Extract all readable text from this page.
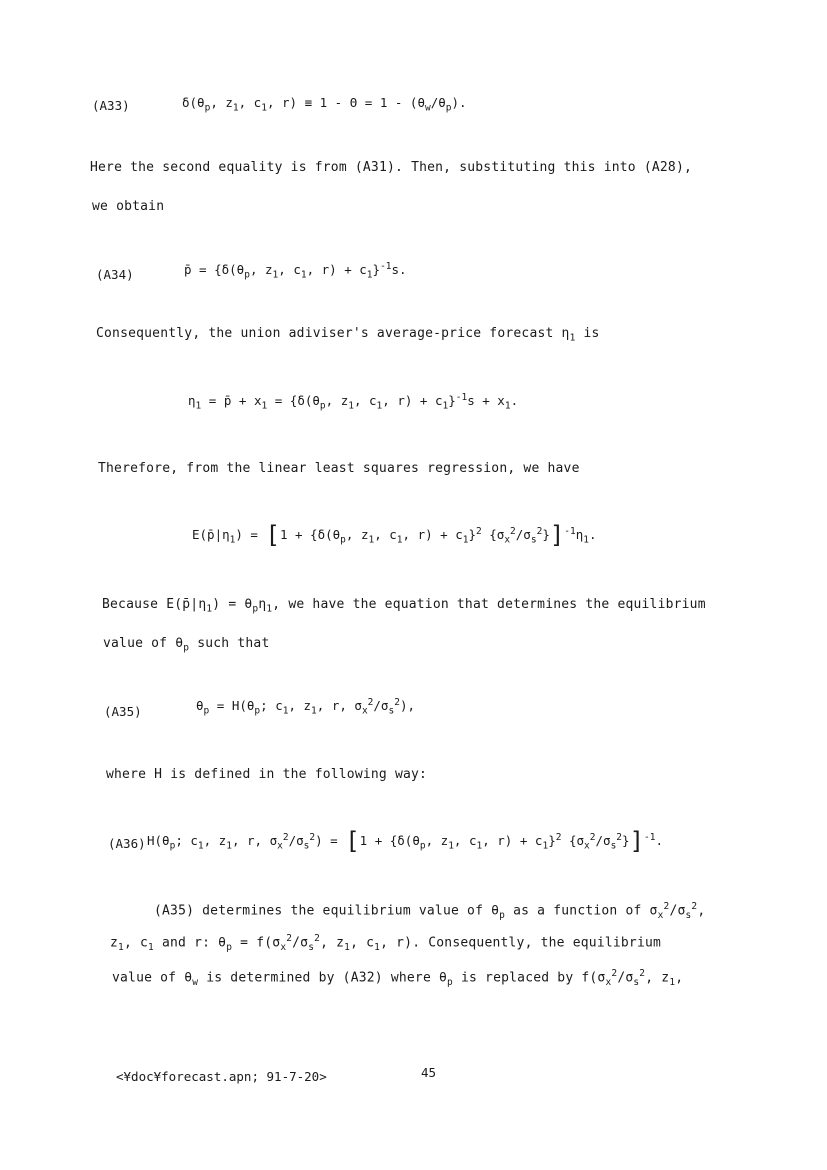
(A33)	$\delta(\theta_p$, $z_1$, $c_1$, $r) \equiv 1 - \Theta = 1 - (\theta_w/\theta_p)$.
Here the second equality is from (A31). Then, substituting this into (A28),
we obtain
(A34)	p̄ = {$\delta(\theta_p$, $z_1$, $c_1$, $r) + c_1\}^{-1}s$.
Consequently, the union adiviser's average-price forecast $\eta_1$ is
$\eta_1$ = p̄ + $x_1 = \{\delta(\theta_p$, $z_1$, $c_1$, $r) + c_1\}^{-1}s + x_1$.
Therefore, from the linear least squares regression, we have
$E(p̄|\eta_1) = [1 + \{\delta(\theta_p$, $z_1$, $c_1$, $r) + c_1\}^2$ $\{\sigma_x^2/\sigma_s^2\}]^{-1}\eta_1$.
Because $E(p̄|\eta_1) = \theta_p\eta_1$, we have the equation that determines the equilibrium
value of $\theta_p$ such that
(A35)	$\theta_p = H(\theta_p$; $c_1$, $z_1$, r, $\sigma_x^2/\sigma_s^2$),
where H is defined in the following way:
(A36) $H(\theta_p$; $c_1$, $z_1$, r, $\sigma_x^2/\sigma_s^2) = [1 + \{\delta(\theta_p$, $z_1$, $c_1$, $r) + c_1\}^2$ $\{\sigma_x^2/\sigma_s^2\}]^{-1}$.
(A35) determines the equilibrium value of $\theta_p$ as a function of $\sigma_x^2/\sigma_s^2$,
$z_1$, $c_1$ and r: $\theta_p = f(\sigma_x^2/\sigma_s^2$, $z_1$, $c_1$, r). Consequently, the equilibrium
value of $\theta_w$ is determined by (A32) where $\theta_p$ is replaced by $f(\sigma_x^2/\sigma_s^2$, $z_1$,
<¥doc¥forecast.apn; 91-7-20>	45
